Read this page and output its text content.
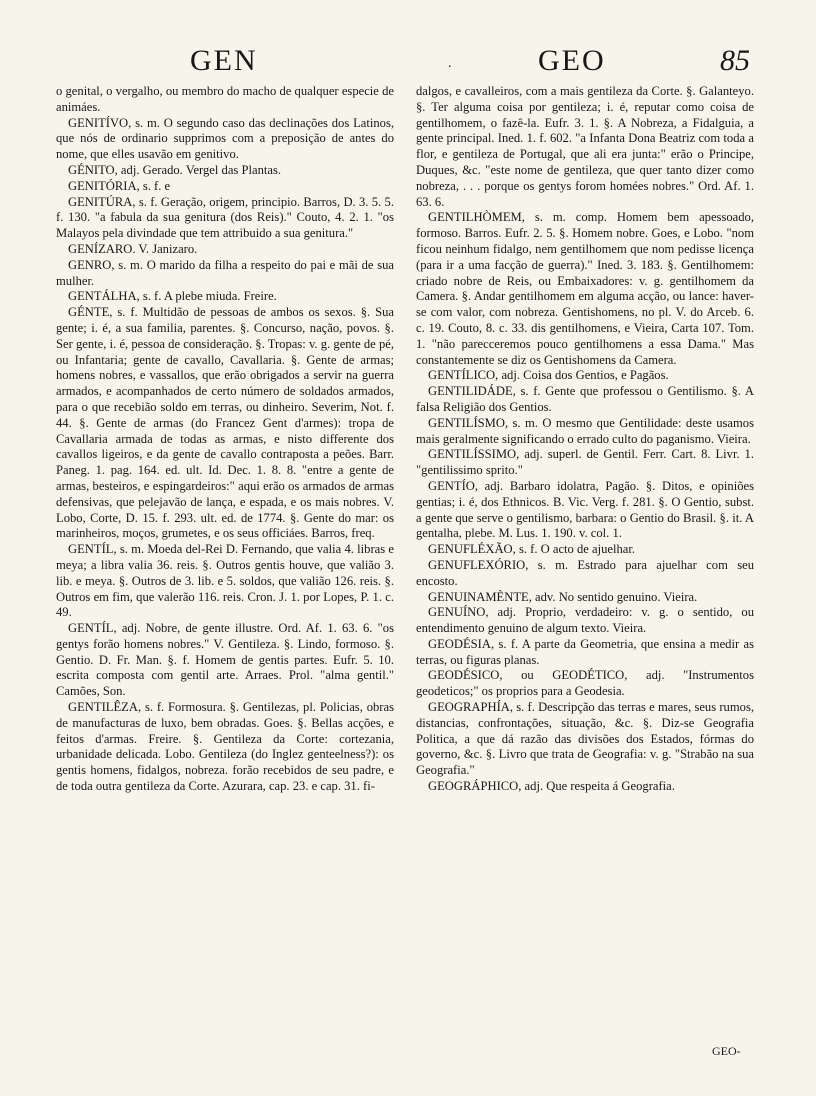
GEN	.	GEO	85

o genital, o vergalho, ou membro do macho de qualquer especie de animáes.

GENITÍVO, s. m. O segundo caso das declinações dos Latinos, que nós de ordinario supprimos com a preposição de antes do nome, que elles usavão em genitivo.

GÉNITO, adj. Gerado. Vergel das Plantas.

GENITÓRIA, s. f. e

GENITÚRA, s. f. Geração, origem, principio. Barros, D. 3. 5. 5. f. 130. "a fabula da sua genitura (dos Reis)." Couto, 4. 2. 1. "os Malayos pela divindade que tem attribuido a sua genitura."

GENÍZARO. V. Janizaro.

GENRO, s. m. O marido da filha a respeito do pai e mãi de sua mulher.

GENTÁLHA, s. f. A plebe miuda. Freire.

GÉNTE, s. f. Multidão de pessoas de ambos os sexos. §. Sua gente; i. é, a sua familia, parentes. §. Concurso, nação, povos. §. Ser gente, i. é, pessoa de consideração. §. Tropas: v. g. gente de pé, ou Infantaria; gente de cavallo, Cavallaria. §. Gente de armas; homens nobres, e vassallos, que erão obrigados a servir na guerra armados, e acompanhados de certo número de soldados armados, para o que recebião soldo em terras, ou dinheiro. Severim, Not. f. 44. §. Gente de armas (do Francez Gent d'armes): tropa de Cavallaria armada de todas as armas, e nisto differente dos cavallos ligeiros, e da gente de cavallo contraposta a peões. Barr. Paneg. 1. pag. 164. ed. ult. Id. Dec. 1. 8. 8. "entre a gente de armas, besteiros, e espingardeiros:" aqui erão os armados de armas defensivas, que pelejavão de lança, e espada, e os mais nobres. V. Lobo, Corte, D. 15. f. 293. ult. ed. de 1774. §. Gente do mar: os marinheiros, moços, grumetes, e os seus officiáes. Barros, freq.

GENTÍL, s. m. Moeda del-Rei D. Fernando, que valia 4. libras e meya; a libra valia 36. reis. §. Outros gentis houve, que valião 3. lib. e meya. §. Outros de 3. lib. e 5. soldos, que valião 126. reis. §. Outros em fim, que valerão 116. reis. Cron. J. 1. por Lopes, P. 1. c. 49.

GENTÍL, adj. Nobre, de gente illustre. Ord. Af. 1. 63. 6. "os gentys forão homens nobres." V. Gentileza. §. Lindo, formoso. §. Gentio. D. Fr. Man. §. f. Homem de gentis partes. Eufr. 5. 10. escrita composta com gentil arte. Arraes. Prol. "alma gentil." Camões, Son.

GENTILÊZA, s. f. Formosura. §. Gentilezas, pl. Policias, obras de manufacturas de luxo, bem obradas. Goes. §. Bellas acções, e feitos d'armas. Freire. §. Gentileza da Corte: cortezania, urbanidade delicada. Lobo. Gentileza (do Inglez genteelness?): os gentis homens, fidalgos, nobreza. forão recebidos de seu padre, e de toda outra gentileza da Corte. Azurara, cap. 23. e cap. 31. fi-

dalgos, e cavalleiros, com a mais gentileza da Corte. §. Galanteyo. §. Ter alguma coisa por gentileza; i. é, reputar como coisa de gentilhomem, o fazê-la. Eufr. 3. 1. §. A Nobreza, a Fidalguia, a gente principal. Ined. 1. f. 602. "a Infanta Dona Beatriz com toda a flor, e gentileza de Portugal, que ali era junta:" erão o Principe, Duques, &c. "este nome de gentileza, que quer tanto dizer como nobreza, . . . porque os gentys forom homées nobres." Ord. Af. 1. 63. 6.

GENTILHÒMEM, s. m. comp. Homem bem apessoado, formoso. Barros. Eufr. 2. 5. §. Homem nobre. Goes, e Lobo. "nom ficou neinhum fidalgo, nem gentilhomem que nom pedisse licença (para ir a uma facção de guerra)." Ined. 3. 183. §. Gentilhomem: criado nobre de Reis, ou Embaixadores: v. g. gentilhomem da Camera. §. Andar gentilhomem em alguma acção, ou lance: haver-se com valor, com nobreza. Gentishomens, no pl. V. do Arceb. 6. c. 19. Couto, 8. c. 33. dis gentilhomens, e Vieira, Carta 107. Tom. 1. "não parecceremos pouco gentilhomens a essa Dama." Mas constantemente se diz os Gentishomens da Camera.

GENTÍLICO, adj. Coisa dos Gentios, e Pagãos.

GENTILIDÁDE, s. f. Gente que professou o Gentilismo. §. A falsa Religião dos Gentios.

GENTILÍSMO, s. m. O mesmo que Gentilidade: deste usamos mais geralmente significando o errado culto do paganismo. Vieira.

GENTILÍSSIMO, adj. superl. de Gentil. Ferr. Cart. 8. Livr. 1. "gentilissimo sprito."

GENTÍO, adj. Barbaro idolatra, Pagão. §. Ditos, e opiniões gentias; i. é, dos Ethnicos. B. Vic. Verg. f. 281. §. O Gentio, subst. a gente que serve o gentilismo, barbara: o Gentio do Brasil. §. it. A gentalha, plebe. M. Lus. 1. 190. v. col. 1.

GENUFLÉXÃO, s. f. O acto de ajuelhar.

GENUFLEXÓRIO, s. m. Estrado para ajuelhar com seu encosto.

GENUINAMÈNTE, adv. No sentido genuino. Vieira.

GENUÍNO, adj. Proprio, verdadeiro: v. g. o sentido, ou entendimento genuino de algum texto. Vieira.

GEODÉSIA, s. f. A parte da Geometria, que ensina a medir as terras, ou figuras planas.

GEODÉSICO, ou GEODÉTICO, adj. "Instrumentos geodeticos;" os proprios para a Geodesia.

GEOGRAPHÍA, s. f. Descripção das terras e mares, seus rumos, distancias, confrontações, situação, &c. §. Diz-se Geografia Politica, a que dá razão das divisões dos Estados, fórmas do governo, &c. §. Livro que trata de Geografia: v. g. "Strabão na sua Geografia."

GEOGRÁPHICO, adj. Que respeita á Geografia.

GEO-
